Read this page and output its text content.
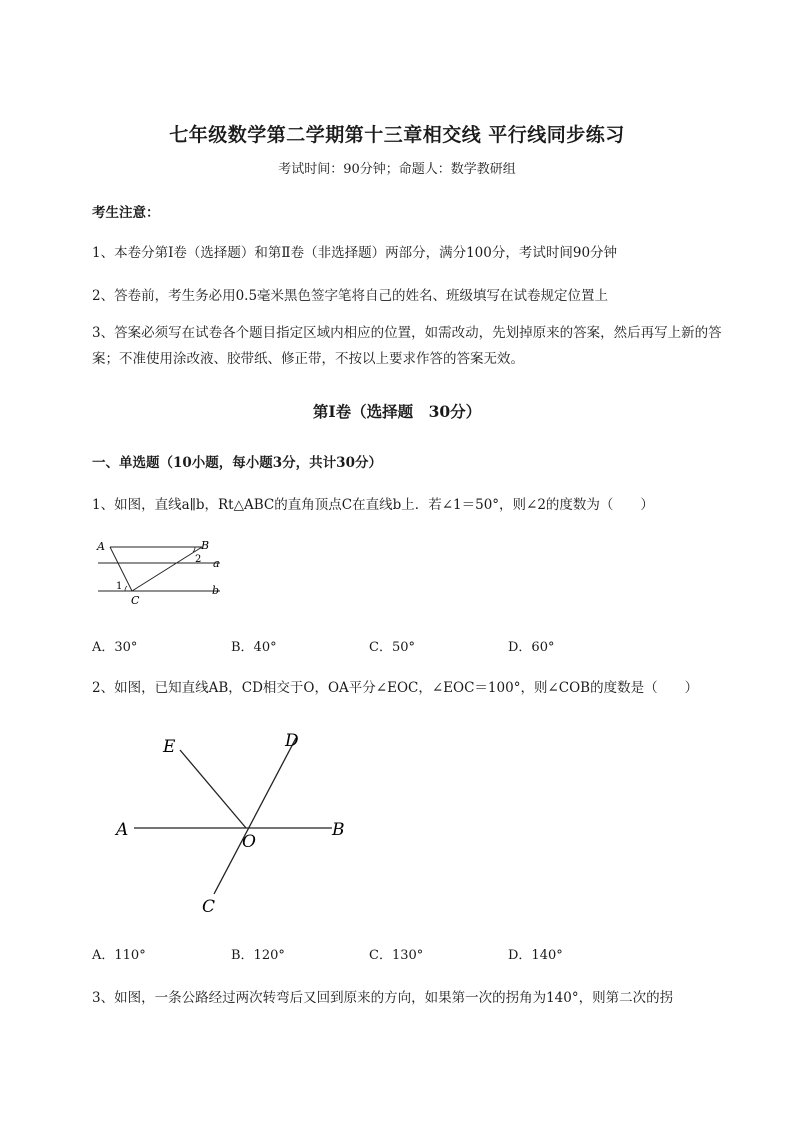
七年级数学第二学期第十三章相交线 平行线同步练习
考试时间：90分钟；命题人：数学教研组
考生注意：
1、本卷分第Ⅰ卷（选择题）和第Ⅱ卷（非选择题）两部分，满分100分，考试时间90分钟
2、答卷前，考生务必用0.5毫米黑色签字笔将自己的姓名、班级填写在试卷规定位置上
3、答案必须写在试卷各个题目指定区域内相应的位置，如需改动，先划掉原来的答案，然后再写上新的答案；不准使用涂改液、胶带纸、修正带，不按以上要求作答的答案无效。
第Ⅰ卷（选择题　30分）
一、单选题（10小题，每小题3分，共计30分）
1、如图，直线a∥b，Rt△ABC的直角顶点C在直线b上．若∠1＝50°，则∠2的度数为（　　）
A	B
2 a
1
C
b
A．30°	B．40°	C．50°	D．60°
2、如图，已知直线AB，CD相交于O，OA平分∠EOC，∠EOC＝100°，则∠COB的度数是（　　）
E	D
A
O
B
C
A．110°	B．120°	C．130°	D．140°
3、如图，一条公路经过两次转弯后又回到原来的方向，如果第一次的拐角为140°，则第二次的拐
